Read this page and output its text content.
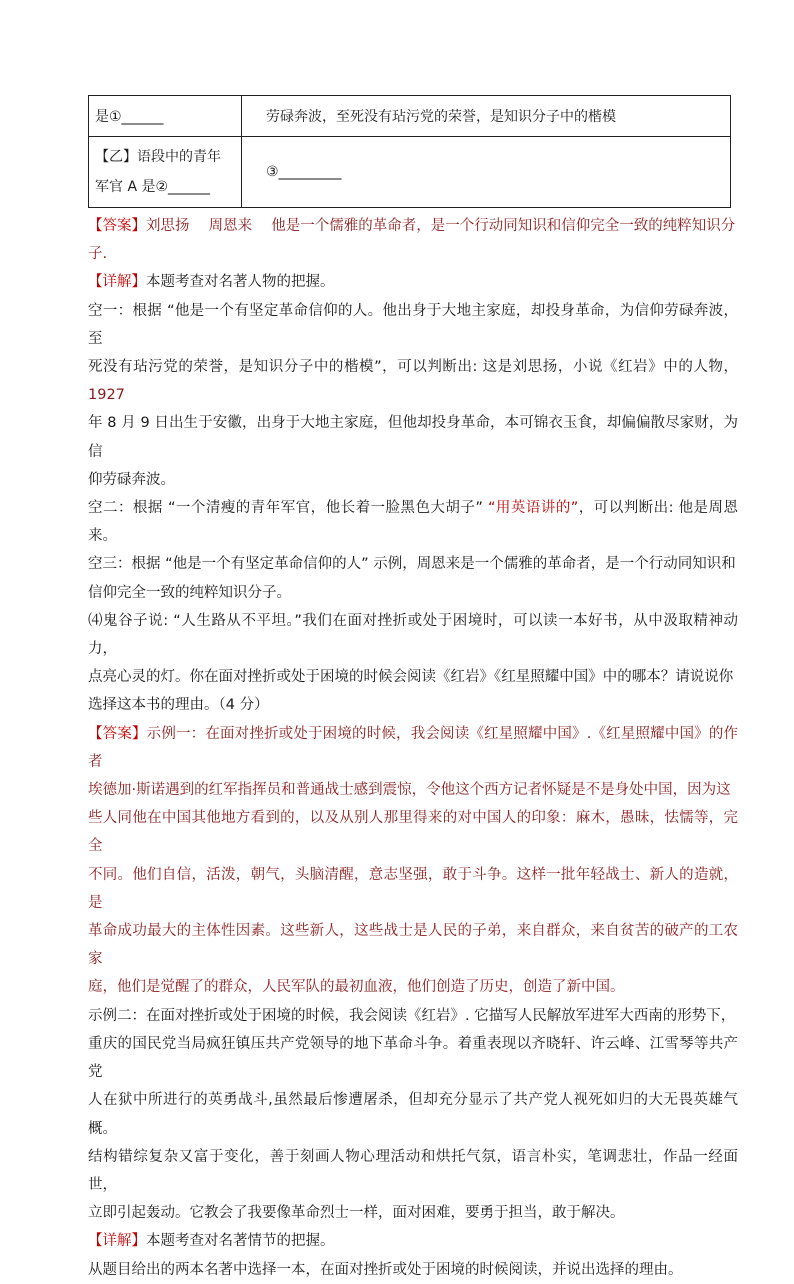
是①______	劳碌奔波，至死没有玷污党的荣誉，是知识分子中的楷模

【乙】语段中的青年
军官 A 是②______	③_________

【答案】刘思扬　 周恩来　 他是一个儒雅的革命者，是一个行动同知识和信仰完全一致的纯粹知识分

子.

【详解】本题考查对名著人物的把握。

空一：根据 “他是一个有坚定革命信仰的人。他出身于大地主家庭，却投身革命，为信仰劳碌奔波，至

死没有玷污党的荣誉，是知识分子中的楷模”，可以判断出: 这是刘思扬，小说《红岩》中的人物，1927

年 8 月 9 日出生于安徽，出身于大地主家庭，但他却投身革命，本可锦衣玉食，却偏偏散尽家财，为信

仰劳碌奔波。

空二：根据 “一个清瘦的青年军官，他长着一脸黑色大胡子” “用英语讲的”，可以判断出: 他是周恩来。

空三：根据 “他是一个有坚定革命信仰的人” 示例，周恩来是一个儒雅的革命者，是一个行动同知识和

信仰完全一致的纯粹知识分子。

⑷鬼谷子说: “人生路从不平坦。”我们在面对挫折或处于困境时，可以读一本好书，从中汲取精神动力，

点亮心灵的灯。你在面对挫折或处于困境的时候会阅读《红岩》《红星照耀中国》中的哪本？请说说你

选择这本书的理由。（4 分）

【答案】示例一：在面对挫折或处于困境的时候，我会阅读《红星照耀中国》.《红星照耀中国》的作者

埃德加·斯诺遇到的红军指挥员和普通战士感到震惊，令他这个西方记者怀疑是不是身处中国，因为这

些人同他在中国其他地方看到的，以及从别人那里得来的对中国人的印象：麻木，愚昧，怯懦等，完全

不同。他们自信，活泼，朝气，头脑清醒，意志坚强，敢于斗争。这样一批年轻战士、新人的造就，是

革命成功最大的主体性因素。这些新人，这些战士是人民的子弟，来自群众，来自贫苦的破产的工农家

庭，他们是觉醒了的群众，人民军队的最初血液，他们创造了历史，创造了新中国。

示例二：在面对挫折或处于困境的时候，我会阅读《红岩》. 它描写人民解放军进军大西南的形势下，

重庆的国民党当局疯狂镇压共产党领导的地下革命斗争。着重表现以齐晓轩、许云峰、江雪琴等共产党

人在狱中所进行的英勇战斗,虽然最后惨遭屠杀，但却充分显示了共产党人视死如归的大无畏英雄气概。

结构错综复杂又富于变化，善于刻画人物心理活动和烘托气氛，语言朴实，笔调悲壮，作品一经面世，

立即引起轰动。它教会了我要像革命烈士一样，面对困难，要勇于担当，敢于解决。

【详解】本题考查对名著情节的把握。

从题目给出的两本名著中选择一本，在面对挫折或处于困境的时候阅读，并说出选择的理由。
